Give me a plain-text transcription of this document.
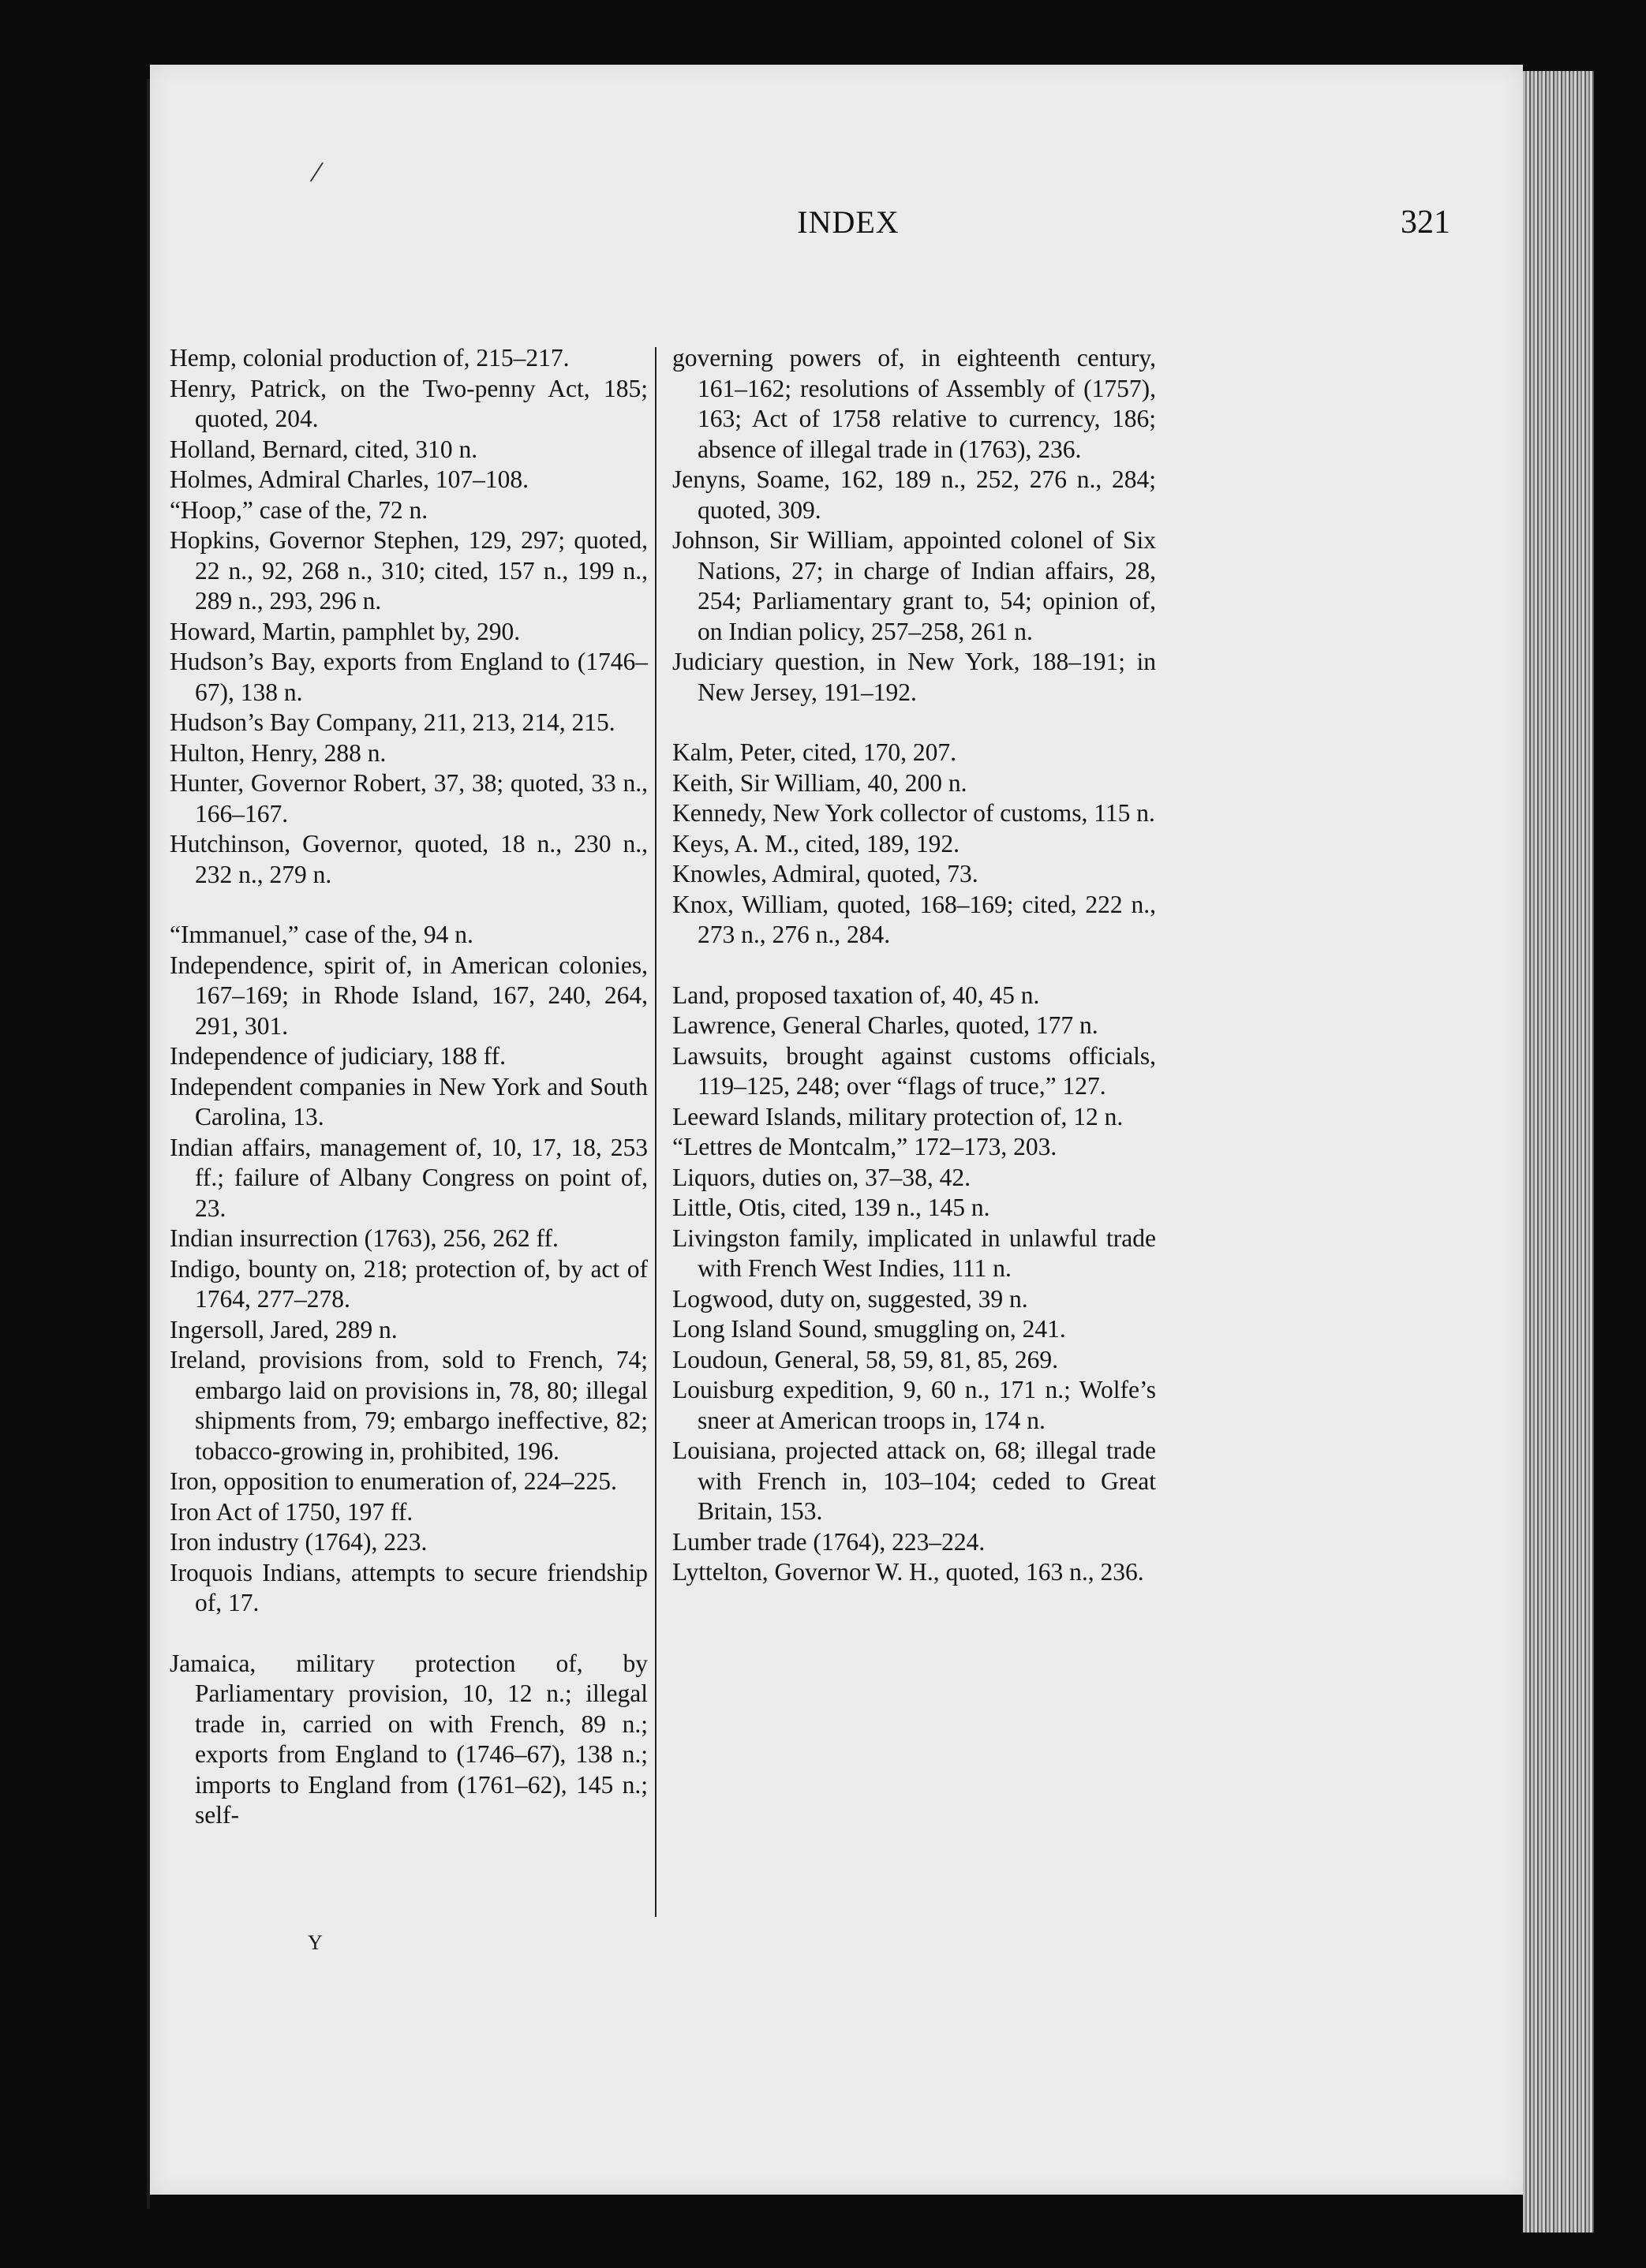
/
INDEX	321

Hemp, colonial production of, 215–217.

Henry, Patrick, on the Two-penny Act, 185; quoted, 204.

Holland, Bernard, cited, 310 n.

Holmes, Admiral Charles, 107–108.

“Hoop,” case of the, 72 n.

Hopkins, Governor Stephen, 129, 297; quoted, 22 n., 92, 268 n., 310; cited, 157 n., 199 n., 289 n., 293, 296 n.

Howard, Martin, pamphlet by, 290.

Hudson’s Bay, exports from England to (1746–67), 138 n.

Hudson’s Bay Company, 211, 213, 214, 215.

Hulton, Henry, 288 n.

Hunter, Governor Robert, 37, 38; quoted, 33 n., 166–167.

Hutchinson, Governor, quoted, 18 n., 230 n., 232 n., 279 n.

“Immanuel,” case of the, 94 n.

Independence, spirit of, in American colonies, 167–169; in Rhode Island, 167, 240, 264, 291, 301.

Independence of judiciary, 188 ff.

Independent companies in New York and South Carolina, 13.

Indian affairs, management of, 10, 17, 18, 253 ff.; failure of Albany Congress on point of, 23.

Indian insurrection (1763), 256, 262 ff.

Indigo, bounty on, 218; protection of, by act of 1764, 277–278.

Ingersoll, Jared, 289 n.

Ireland, provisions from, sold to French, 74; embargo laid on provisions in, 78, 80; illegal shipments from, 79; embargo ineffective, 82; tobacco-growing in, prohibited, 196.

Iron, opposition to enumeration of, 224–225.

Iron Act of 1750, 197 ff.

Iron industry (1764), 223.

Iroquois Indians, attempts to secure friendship of, 17.

Jamaica, military protection of, by Parliamentary provision, 10, 12 n.; illegal trade in, carried on with French, 89 n.; exports from England to (1746–67), 138 n.; imports to England from (1761–62), 145 n.; self-

governing powers of, in eighteenth century, 161–162; resolutions of Assembly of (1757), 163; Act of 1758 relative to currency, 186; absence of illegal trade in (1763), 236.

Jenyns, Soame, 162, 189 n., 252, 276 n., 284; quoted, 309.

Johnson, Sir William, appointed colonel of Six Nations, 27; in charge of Indian affairs, 28, 254; Parliamentary grant to, 54; opinion of, on Indian policy, 257–258, 261 n.

Judiciary question, in New York, 188–191; in New Jersey, 191–192.

Kalm, Peter, cited, 170, 207.

Keith, Sir William, 40, 200 n.

Kennedy, New York collector of customs, 115 n.

Keys, A. M., cited, 189, 192.

Knowles, Admiral, quoted, 73.

Knox, William, quoted, 168–169; cited, 222 n., 273 n., 276 n., 284.

Land, proposed taxation of, 40, 45 n.

Lawrence, General Charles, quoted, 177 n.

Lawsuits, brought against customs officials, 119–125, 248; over “flags of truce,” 127.

Leeward Islands, military protection of, 12 n.

“Lettres de Montcalm,” 172–173, 203.

Liquors, duties on, 37–38, 42.

Little, Otis, cited, 139 n., 145 n.

Livingston family, implicated in unlawful trade with French West Indies, 111 n.

Logwood, duty on, suggested, 39 n.

Long Island Sound, smuggling on, 241.

Loudoun, General, 58, 59, 81, 85, 269.

Louisburg expedition, 9, 60 n., 171 n.; Wolfe’s sneer at American troops in, 174 n.

Louisiana, projected attack on, 68; illegal trade with French in, 103–104; ceded to Great Britain, 153.

Lumber trade (1764), 223–224.

Lyttelton, Governor W. H., quoted, 163 n., 236.

Y
